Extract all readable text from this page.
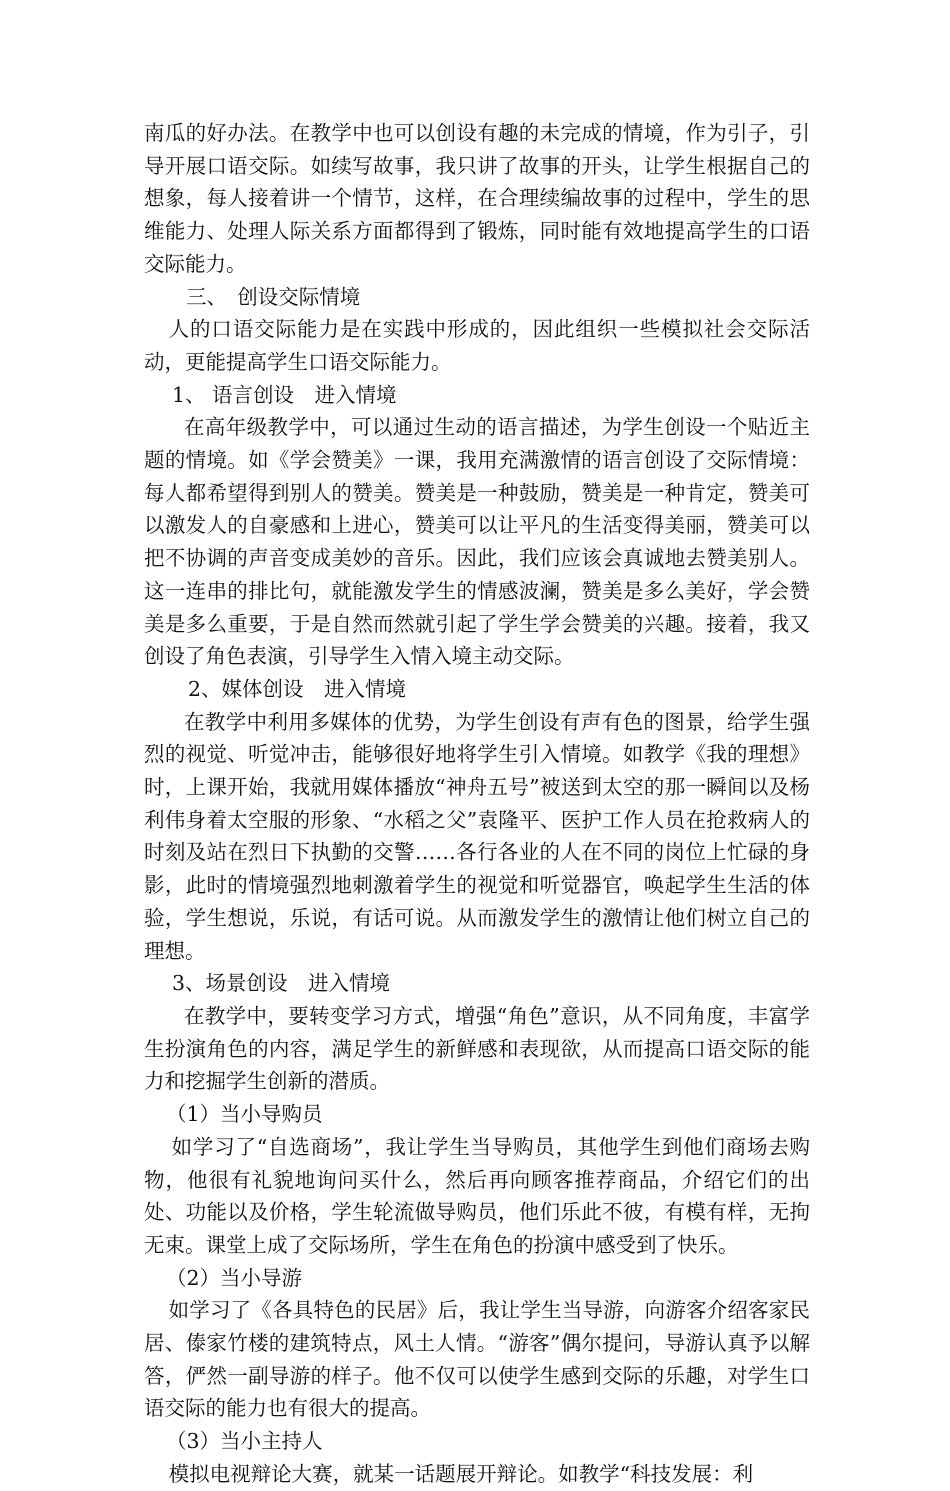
南瓜的好办法。在教学中也可以创设有趣的未完成的情境，作为引子，引导开展口语交际。如续写故事，我只讲了故事的开头，让学生根据自己的想象，每人接着讲一个情节，这样，在合理续编故事的过程中，学生的思维能力、处理人际关系方面都得到了锻炼，同时能有效地提高学生的口语交际能力。

三、　创设交际情境

人的口语交际能力是在实践中形成的，因此组织一些模拟社会交际活动，更能提高学生口语交际能力。

1、 语言创设　进入情境

在高年级教学中，可以通过生动的语言描述，为学生创设一个贴近主题的情境。如《学会赞美》一课，我用充满激情的语言创设了交际情境：每人都希望得到别人的赞美。赞美是一种鼓励，赞美是一种肯定，赞美可以激发人的自豪感和上进心，赞美可以让平凡的生活变得美丽，赞美可以把不协调的声音变成美妙的音乐。因此，我们应该会真诚地去赞美别人。这一连串的排比句，就能激发学生的情感波澜，赞美是多么美好，学会赞美是多么重要，于是自然而然就引起了学生学会赞美的兴趣。接着，我又创设了角色表演，引导学生入情入境主动交际。

2、媒体创设　进入情境

在教学中利用多媒体的优势，为学生创设有声有色的图景，给学生强烈的视觉、听觉冲击，能够很好地将学生引入情境。如教学《我的理想》时，上课开始，我就用媒体播放“神舟五号”被送到太空的那一瞬间以及杨利伟身着太空服的形象、“水稻之父”袁隆平、医护工作人员在抢救病人的时刻及站在烈日下执勤的交警……各行各业的人在不同的岗位上忙碌的身影，此时的情境强烈地刺激着学生的视觉和听觉器官，唤起学生生活的体验，学生想说，乐说，有话可说。从而激发学生的激情让他们树立自己的理想。

3、场景创设　进入情境

在教学中，要转变学习方式，增强“角色”意识，从不同角度，丰富学生扮演角色的内容，满足学生的新鲜感和表现欲，从而提高口语交际的能力和挖掘学生创新的潜质。

（1）当小导购员

如学习了“自选商场”，我让学生当导购员，其他学生到他们商场去购物，他很有礼貌地询问买什么，然后再向顾客推荐商品，介绍它们的出处、功能以及价格，学生轮流做导购员，他们乐此不彼，有模有样，无拘无束。课堂上成了交际场所，学生在角色的扮演中感受到了快乐。

（2）当小导游

如学习了《各具特色的民居》后，我让学生当导游，向游客介绍客家民居、傣家竹楼的建筑特点，风土人情。“游客”偶尔提问，导游认真予以解答，俨然一副导游的样子。他不仅可以使学生感到交际的乐趣，对学生口语交际的能力也有很大的提高。

（3）当小主持人

模拟电视辩论大赛，就某一话题展开辩论。如教学“科技发展：利
